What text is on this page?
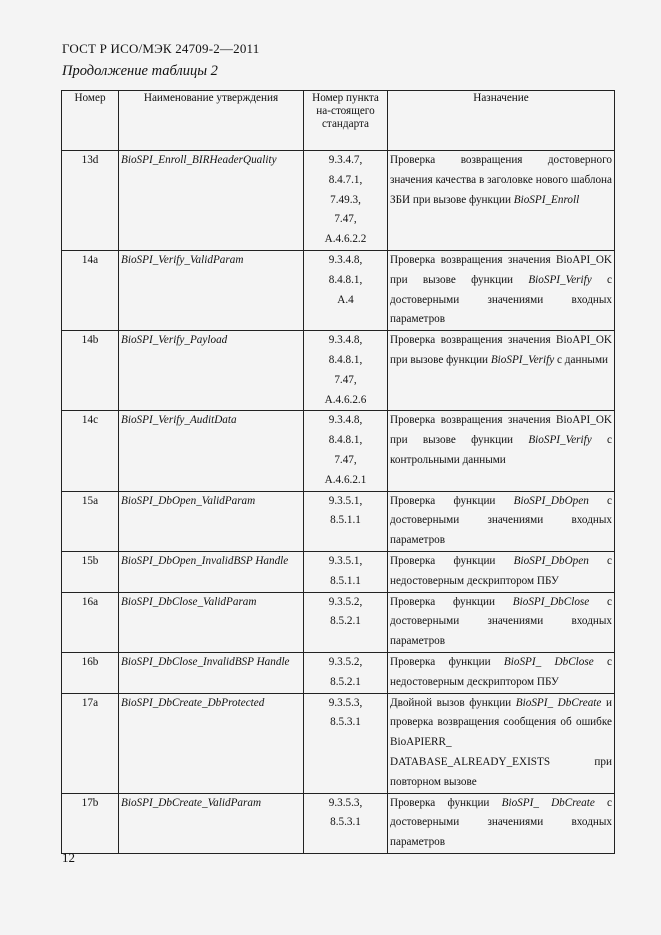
ГОСТ Р ИСО/МЭК 24709-2—2011
Продолжение таблицы 2
Номер	Наименование утверждения	Номер пункта на-стоящего стандарта	Назначение
13d	BioSPI_Enroll_BIRHeaderQuality	9.3.4.7,
8.4.7.1,
7.49.3,
7.47,
A.4.6.2.2	Проверка возвращения достоверного значения качества в заголовке нового шаблона ЗБИ при вызове функции BioSPI_Enroll
14a	BioSPI_Verify_ValidParam	9.3.4.8,
8.4.8.1,
A.4	Проверка возвращения значения BioAPI_OK при вызове функции BioSPI_Verify с достоверными значениями входных параметров
14b	BioSPI_Verify_Payload	9.3.4.8,
8.4.8.1,
7.47,
A.4.6.2.6	Проверка возвращения значения BioAPI_OK при вызове функции BioSPI_Verify с данными
14c	BioSPI_Verify_AuditData	9.3.4.8,
8.4.8.1,
7.47,
A.4.6.2.1	Проверка возвращения значения BioAPI_OK при вызове функции BioSPI_Verify с контрольными данными
15a	BioSPI_DbOpen_ValidParam	9.3.5.1,
8.5.1.1	Проверка функции BioSPI_DbOpen с достоверными значениями входных параметров
15b	BioSPI_DbOpen_InvalidBSP Handle	9.3.5.1,
8.5.1.1	Проверка функции BioSPI_DbOpen с недостоверным дескриптором ПБУ
16a	BioSPI_DbClose_ValidParam	9.3.5.2,
8.5.2.1	Проверка функции BioSPI_DbClose с достоверными значениями входных параметров
16b	BioSPI_DbClose_InvalidBSP Handle	9.3.5.2,
8.5.2.1	Проверка функции BioSPI_ DbClose с недостоверным дескриптором ПБУ
17a	BioSPI_DbCreate_DbProtected	9.3.5.3,
8.5.3.1	Двойной вызов функции BioSPI_ DbCreate и проверка возвращения сообщения об ошибке BioAPIERR_ DATABASE_ALREADY_EXISTS при повторном вызове
17b	BioSPI_DbCreate_ValidParam	9.3.5.3,
8.5.3.1	Проверка функции BioSPI_ DbCreate с достоверными значениями входных параметров
12
